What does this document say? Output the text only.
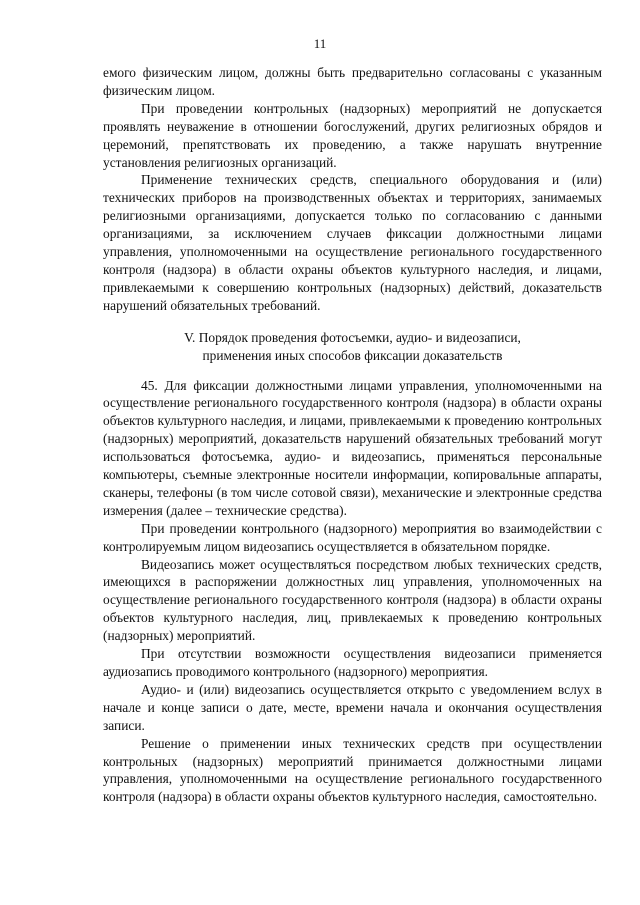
11

емого физическим лицом, должны быть предварительно согласованы с указанным физическим лицом.

При проведении контрольных (надзорных) мероприятий не допускается проявлять неуважение в отношении богослужений, других религиозных обрядов и церемоний, препятствовать их проведению, а также нарушать внутренние установления религиозных организаций.

Применение технических средств, специального оборудования и (или) технических приборов на производственных объектах и территориях, занимаемых религиозными организациями, допускается только по согласованию с данными организациями, за исключением случаев фиксации должностными лицами управления, уполномоченными на осуществление регионального государственного контроля (надзора) в области охраны объектов культурного наследия, и лицами, привлекаемыми к совершению контрольных (надзорных) действий, доказательств нарушений обязательных требований.

V. Порядок проведения фотосъемки, аудио- и видеозаписи,
применения иных способов фиксации доказательств

45. Для фиксации должностными лицами управления, уполномоченными на осуществление регионального государственного контроля (надзора) в области охраны объектов культурного наследия, и лицами, привлекаемыми к проведению контрольных (надзорных) мероприятий, доказательств нарушений обязательных требований могут использоваться фотосъемка, аудио- и видеозапись, применяться персональные компьютеры, съемные электронные носители информации, копировальные аппараты, сканеры, телефоны (в том числе сотовой связи), механические и электронные средства измерения (далее – технические средства).

При проведении контрольного (надзорного) мероприятия во взаимодействии с контролируемым лицом видеозапись осуществляется в обязательном порядке.

Видеозапись может осуществляться посредством любых технических средств, имеющихся в распоряжении должностных лиц управления, уполномоченных на осуществление регионального государственного контроля (надзора) в области охраны объектов культурного наследия, лиц, привлекаемых к проведению контрольных (надзорных) мероприятий.

При отсутствии возможности осуществления видеозаписи применяется аудиозапись проводимого контрольного (надзорного) мероприятия.

Аудио- и (или) видеозапись осуществляется открыто с уведомлением вслух в начале и конце записи о дате, месте, времени начала и окончания осуществления записи.

Решение о применении иных технических средств при осуществлении контрольных (надзорных) мероприятий принимается должностными лицами управления, уполномоченными на осуществление регионального государственного контроля (надзора) в области охраны объектов культурного наследия, самостоятельно.
